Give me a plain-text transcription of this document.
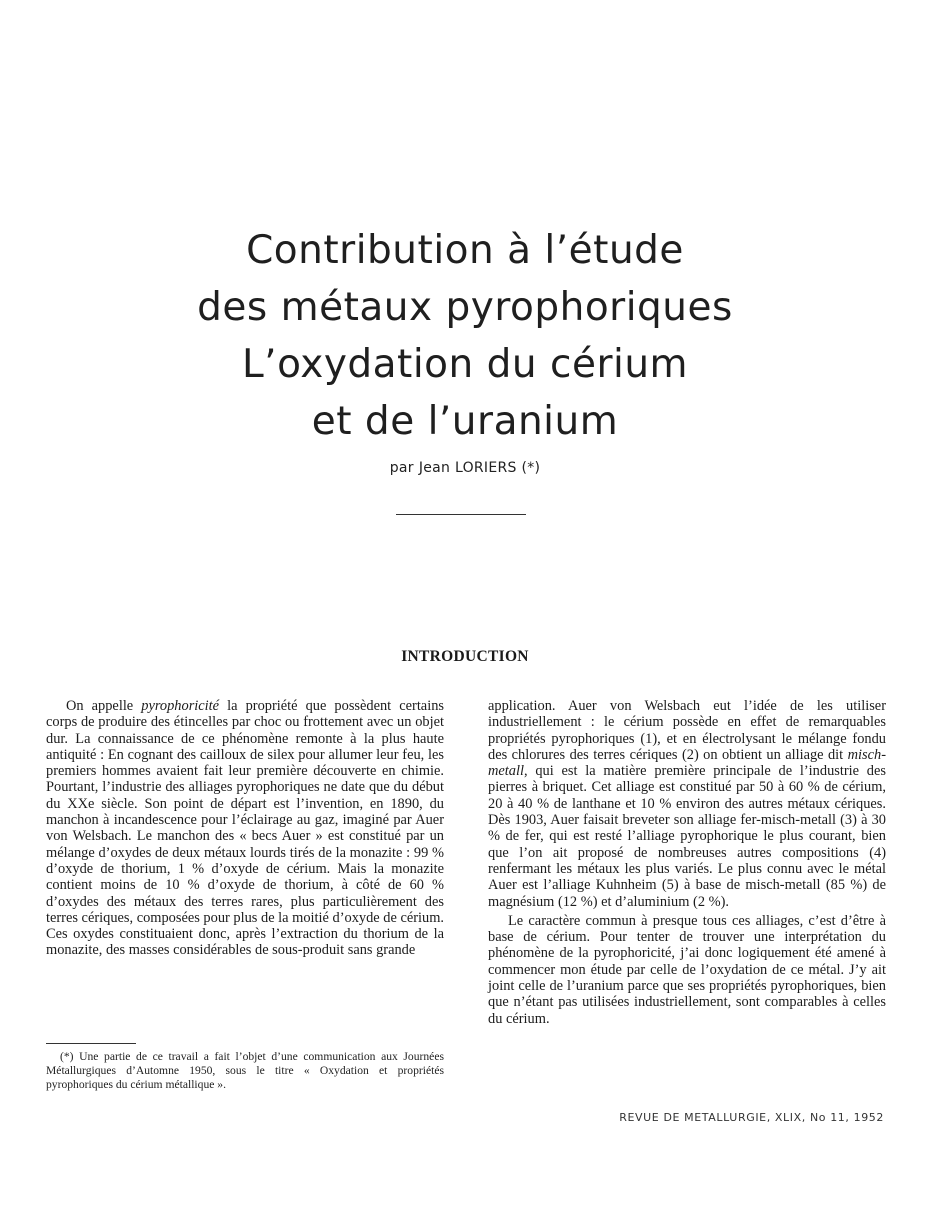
Contribution à l’étude
des métaux pyrophoriques
L’oxydation du cérium
et de l’uranium
par Jean LORIERS (*)
INTRODUCTION

On appelle pyrophoricité la propriété que possèdent certains corps de produire des étincelles par choc ou frottement avec un objet dur. La connaissance de ce phénomène remonte à la plus haute antiquité : En cognant des cailloux de silex pour allumer leur feu, les premiers hommes avaient fait leur première découverte en chimie. Pourtant, l’industrie des alliages pyrophoriques ne date que du début du XXe siècle. Son point de départ est l’invention, en 1890, du manchon à incandescence pour l’éclairage au gaz, imaginé par Auer von Welsbach. Le manchon des « becs Auer » est constitué par un mélange d’oxydes de deux métaux lourds tirés de la monazite : 99 % d’oxyde de thorium, 1 % d’oxyde de cérium. Mais la monazite contient moins de 10 % d’oxyde de thorium, à côté de 60 % d’oxydes des métaux des terres rares, plus particulièrement des terres cériques, composées pour plus de la moitié d’oxyde de cérium. Ces oxydes constituaient donc, après l’extraction du thorium de la monazite, des masses considérables de sous-produit sans grande

application. Auer von Welsbach eut l’idée de les utiliser industriellement : le cérium possède en effet de remarquables propriétés pyrophoriques (1), et en électrolysant le mélange fondu des chlorures des terres cériques (2) on obtient un alliage dit misch-metall, qui est la matière première principale de l’industrie des pierres à briquet. Cet alliage est constitué par 50 à 60 % de cérium, 20 à 40 % de lanthane et 10 % environ des autres métaux cériques. Dès 1903, Auer faisait breveter son alliage fer-misch-metall (3) à 30 % de fer, qui est resté l’alliage pyrophorique le plus courant, bien que l’on ait proposé de nombreuses autres compositions (4) renfermant les métaux les plus variés. Le plus connu avec le métal Auer est l’alliage Kuhnheim (5) à base de misch-metall (85 %) de magnésium (12 %) et d’aluminium (2 %).

Le caractère commun à presque tous ces alliages, c’est d’être à base de cérium. Pour tenter de trouver une interprétation du phénomène de la pyrophoricité, j’ai donc logiquement été amené à commencer mon étude par celle de l’oxydation de ce métal. J’y ait joint celle de l’uranium parce que ses propriétés pyrophoriques, bien que n’étant pas utilisées industriellement, sont comparables à celles du cérium.

(*) Une partie de ce travail a fait l’objet d’une communication aux Journées Métallurgiques d’Automne 1950, sous le titre « Oxydation et propriétés pyrophoriques du cérium métallique ».
REVUE DE METALLURGIE, XLIX, No 11, 1952
